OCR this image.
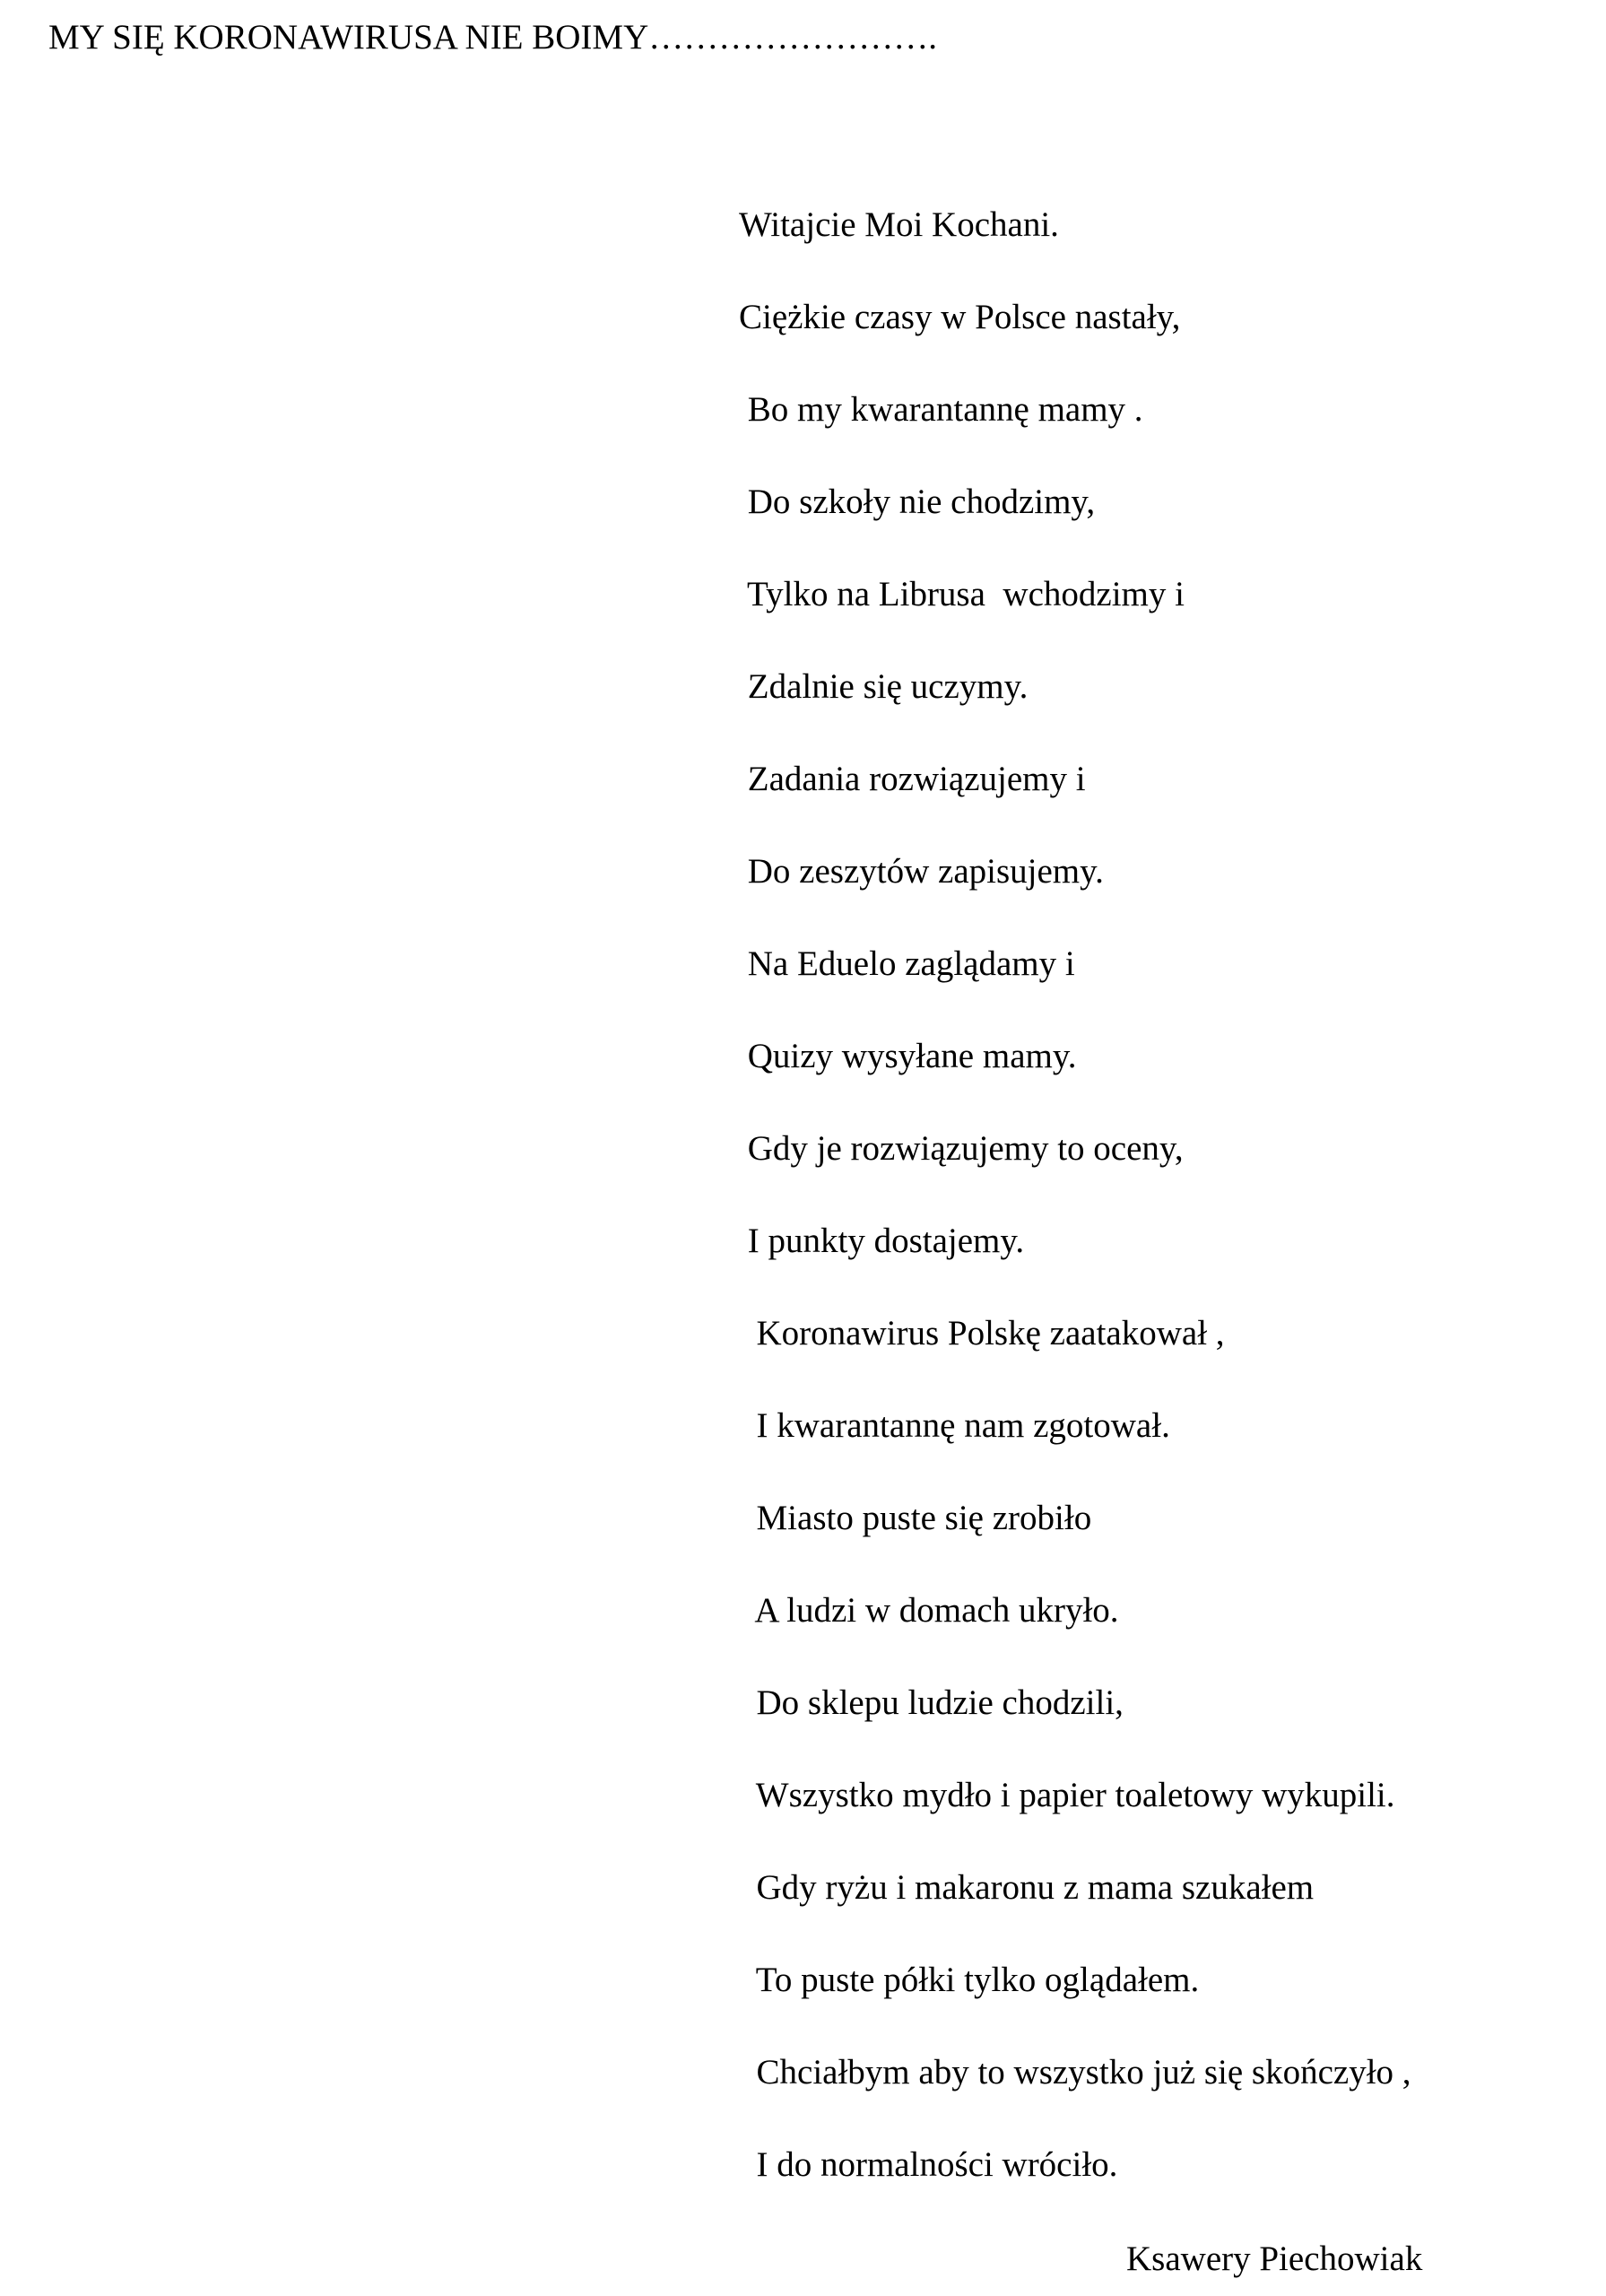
MY SIĘ KORONAWIRUSA NIE BOIMY…………………….
Witajcie Moi Kochani.
Ciężkie czasy w Polsce nastały,
Bo my kwarantannę mamy .
Do szkoły nie chodzimy,
Tylko na Librusa  wchodzimy i
Zdalnie się uczymy.
Zadania rozwiązujemy i
Do zeszytów zapisujemy.
Na Eduelo zaglądamy i
Quizy wysyłane mamy.
Gdy je rozwiązujemy to oceny,
I punkty dostajemy.
Koronawirus Polskę zaatakował ,
I kwarantannę nam zgotował.
Miasto puste się zrobiło
A ludzi w domach ukryło.
Do sklepu ludzie chodzili,
Wszystko mydło i papier toaletowy wykupili.
Gdy ryżu i makaronu z mama szukałem
To puste półki tylko oglądałem.
Chciałbym aby to wszystko już się skończyło ,
I do normalności wróciło.
Ksawery Piechowiak
